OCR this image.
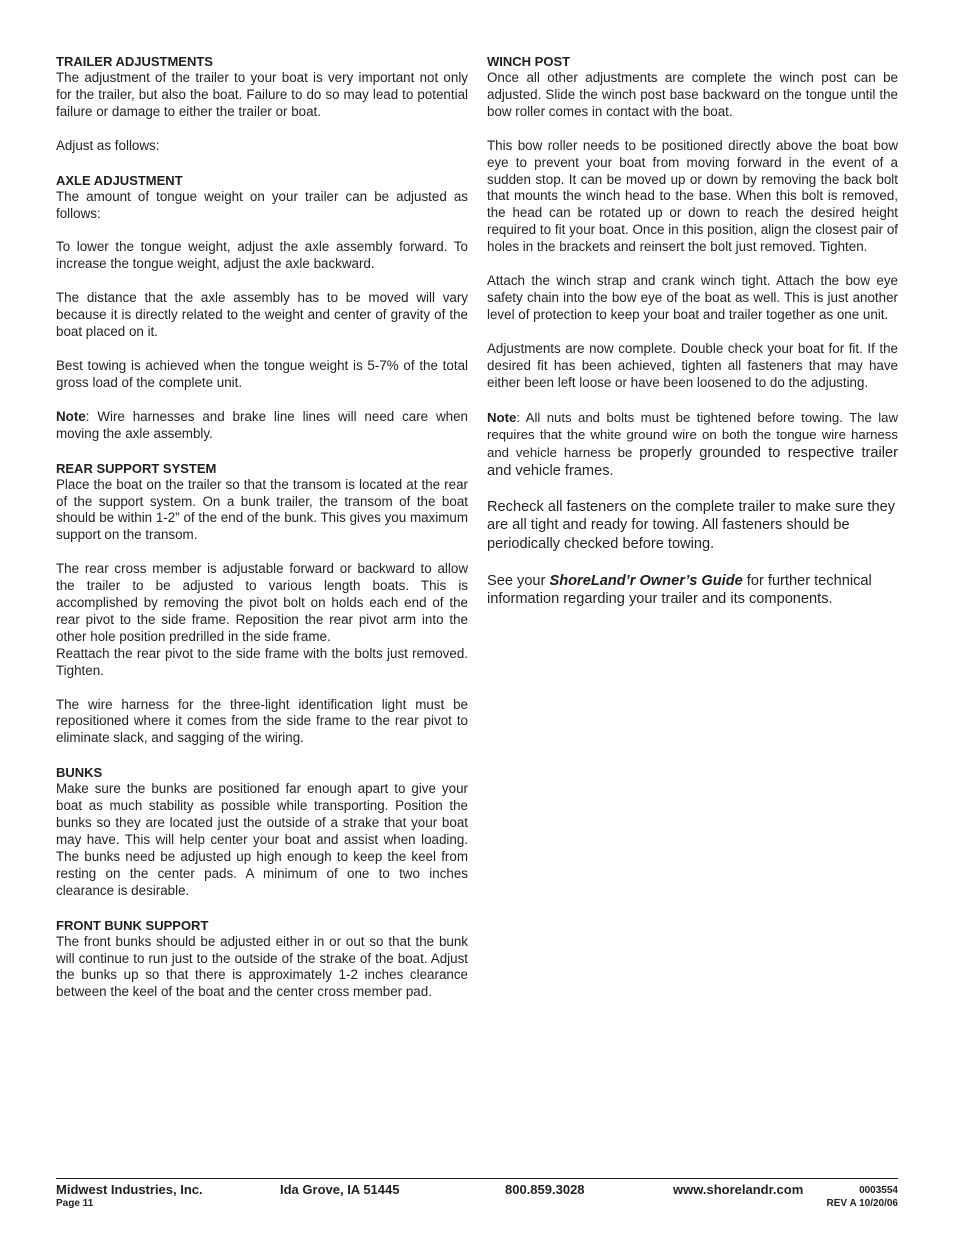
TRAILER ADJUSTMENTS

The adjustment of the trailer to your boat is very important not only for the trailer, but also the boat. Failure to do so may lead to potential failure or damage to either the trailer or boat.

Adjust as follows:

AXLE ADJUSTMENT

The amount of tongue weight on your trailer can be adjusted as follows:

To lower the tongue weight, adjust the axle assembly forward. To increase the tongue weight, adjust the axle backward.

The distance that the axle assembly has to be moved will vary because it is directly related to the weight and center of gravity of the boat placed on it.

Best towing is achieved when the tongue weight is 5-7% of the total gross load of the complete unit.

Note: Wire harnesses and brake line lines will need care when moving the axle assembly.

REAR SUPPORT SYSTEM

Place the boat on the trailer so that the transom is located at the rear of the support system. On a bunk trailer, the transom of the boat should be within 1-2” of the end of the bunk. This gives you maximum support on the transom.

The rear cross member is adjustable forward or backward to allow the trailer to be adjusted to various length boats. This is accomplished by removing the pivot bolt on holds each end of the rear pivot to the side frame. Reposition the rear pivot arm into the other hole position predrilled in the side frame.

Reattach the rear pivot to the side frame with the bolts just removed. Tighten.

The wire harness for the three-light identification light must be repositioned where it comes from the side frame to the rear pivot to eliminate slack, and sagging of the wiring.

BUNKS

Make sure the bunks are positioned far enough apart to give your boat as much stability as possible while transporting. Position the bunks so they are located just the outside of a strake that your boat may have. This will help center your boat and assist when loading. The bunks need be adjusted up high enough to keep the keel from resting on the center pads. A minimum of one to two inches clearance is desirable.

FRONT BUNK SUPPORT

The front bunks should be adjusted either in or out so that the bunk will continue to run just to the outside of the strake of the boat. Adjust the bunks up so that there is approximately 1-2 inches clearance between the keel of the boat and the center cross member pad.

WINCH POST

Once all other adjustments are complete the winch post can be adjusted. Slide the winch post base backward on the tongue until the bow roller comes in contact with the boat.

This bow roller needs to be positioned directly above the boat bow eye to prevent your boat from moving forward in the event of a sudden stop. It can be moved up or down by removing the back bolt that mounts the winch head to the base. When this bolt is removed, the head can be rotated up or down to reach the desired height required to fit your boat. Once in this position, align the closest pair of holes in the brackets and reinsert the bolt just removed. Tighten.

Attach the winch strap and crank winch tight. Attach the bow eye safety chain into the bow eye of the boat as well. This is just another level of protection to keep your boat and trailer together as one unit.

Adjustments are now complete. Double check your boat for fit. If the desired fit has been achieved, tighten all fasteners that may have either been left loose or have been loosened to do the adjusting.

Note: All nuts and bolts must be tightened before towing. The law requires that the white ground wire on both the tongue wire harness and vehicle harness be properly grounded to respective trailer and vehicle frames.

Recheck all fasteners on the complete trailer to make sure they are all tight and ready for towing. All fasteners should be periodically checked before towing.

See your ShoreLand’r Owner’s Guide for further technical information regarding your trailer and its components.

Midwest Industries, Inc.	Ida Grove, IA 51445	800.859.3028	www.shorelandr.com	0003554
Page 11	REV A 10/20/06
